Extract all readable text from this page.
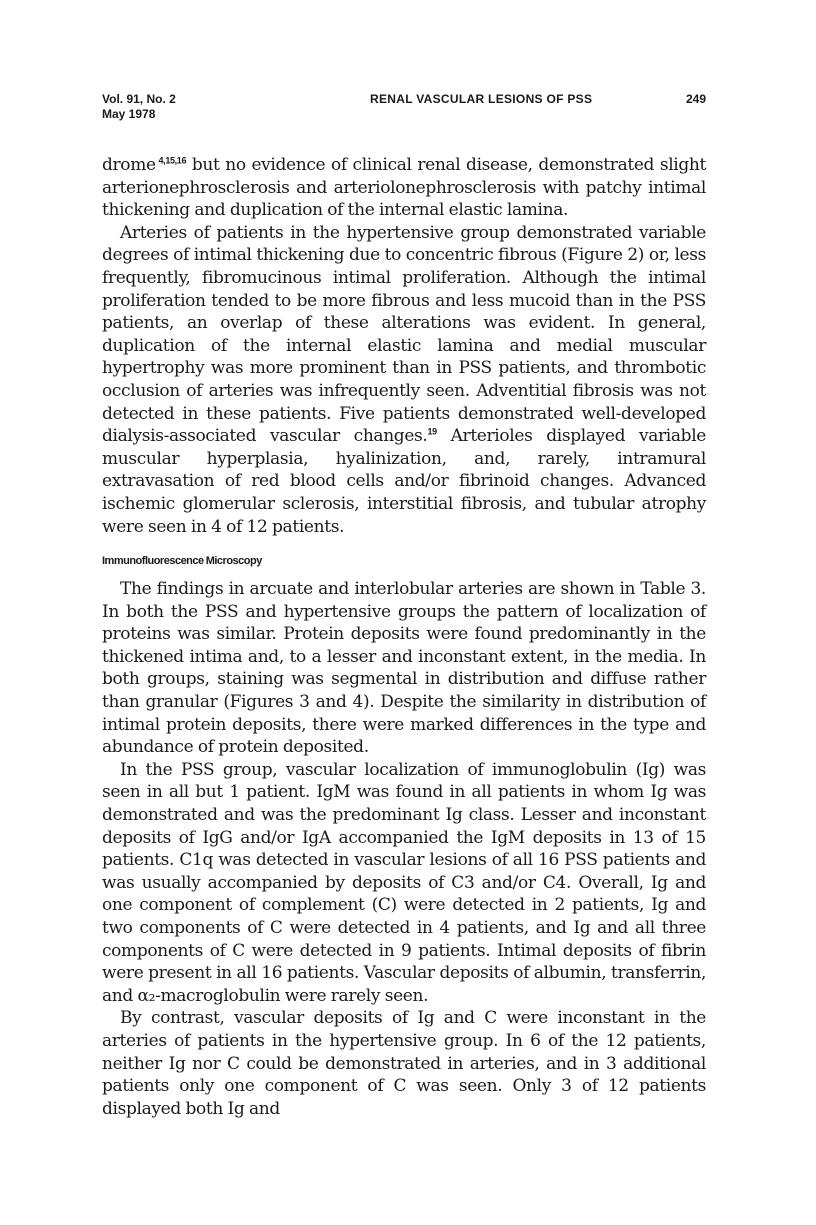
Vol. 91, No. 2
May 1978
RENAL VASCULAR LESIONS OF PSS	249

drome $^{4,15,16}$ but no evidence of clinical renal disease, demonstrated slight arterionephrosclerosis and arteriolonephrosclerosis with patchy intimal thickening and duplication of the internal elastic lamina.

Arteries of patients in the hypertensive group demonstrated variable degrees of intimal thickening due to concentric fibrous (Figure 2) or, less frequently, fibromucinous intimal proliferation. Although the intimal proliferation tended to be more fibrous and less mucoid than in the PSS patients, an overlap of these alterations was evident. In general, duplication of the internal elastic lamina and medial muscular hypertrophy was more prominent than in PSS patients, and thrombotic occlusion of arteries was infrequently seen. Adventitial fibrosis was not detected in these patients. Five patients demonstrated well-developed dialysis-associated vascular changes.$^{19}$ Arterioles displayed variable muscular hyperplasia, hyalinization, and, rarely, intramural extravasation of red blood cells and/or fibrinoid changes. Advanced ischemic glomerular sclerosis, interstitial fibrosis, and tubular atrophy were seen in 4 of 12 patients.

Immunofluorescence Microscopy

The findings in arcuate and interlobular arteries are shown in Table 3. In both the PSS and hypertensive groups the pattern of localization of proteins was similar. Protein deposits were found predominantly in the thickened intima and, to a lesser and inconstant extent, in the media. In both groups, staining was segmental in distribution and diffuse rather than granular (Figures 3 and 4). Despite the similarity in distribution of intimal protein deposits, there were marked differences in the type and abundance of protein deposited.

In the PSS group, vascular localization of immunoglobulin (Ig) was seen in all but 1 patient. IgM was found in all patients in whom Ig was demonstrated and was the predominant Ig class. Lesser and inconstant deposits of IgG and/or IgA accompanied the IgM deposits in 13 of 15 patients. C1q was detected in vascular lesions of all 16 PSS patients and was usually accompanied by deposits of C3 and/or C4. Overall, Ig and one component of complement (C) were detected in 2 patients, Ig and two components of C were detected in 4 patients, and Ig and all three components of C were detected in 9 patients. Intimal deposits of fibrin were present in all 16 patients. Vascular deposits of albumin, transferrin, and α₂-macroglobulin were rarely seen.

By contrast, vascular deposits of Ig and C were inconstant in the arteries of patients in the hypertensive group. In 6 of the 12 patients, neither Ig nor C could be demonstrated in arteries, and in 3 additional patients only one component of C was seen. Only 3 of 12 patients displayed both Ig and
